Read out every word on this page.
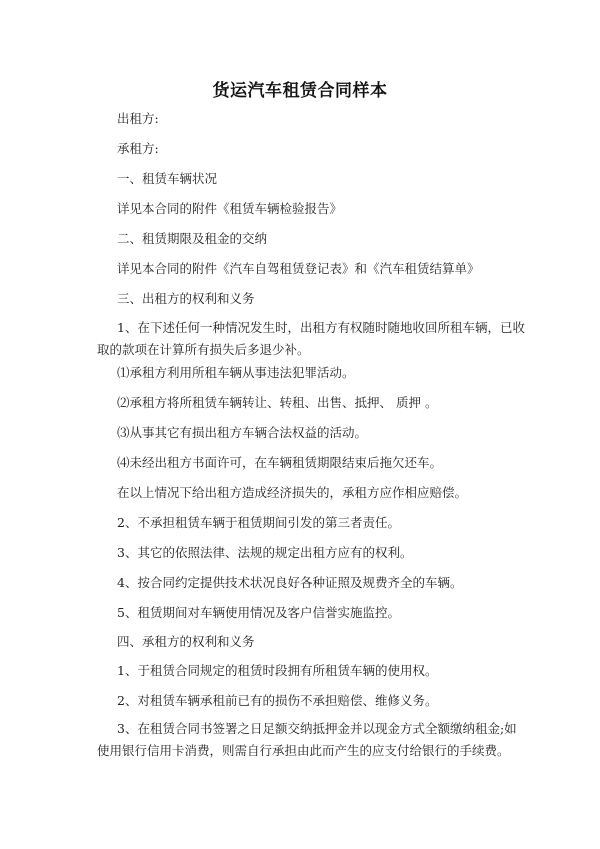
货运汽车租赁合同样本
出租方:
承租方:
一、租赁车辆状况
详见本合同的附件《租赁车辆检验报告》
二、租赁期限及租金的交纳
详见本合同的附件《汽车自驾租赁登记表》和《汽车租赁结算单》
三、出租方的权利和义务
1、在下述任何一种情况发生时，出租方有权随时随地收回所租车辆，已收
取的款项在计算所有损失后多退少补。
⑴承租方利用所租车辆从事违法犯罪活动。
⑵承租方将所租赁车辆转让、转租、出售、抵押、 质押 。
⑶从事其它有损出租方车辆合法权益的活动。
⑷未经出租方书面许可，在车辆租赁期限结束后拖欠还车。
在以上情况下给出租方造成经济损失的，承租方应作相应赔偿。
2、不承担租赁车辆于租赁期间引发的第三者责任。
3、其它的依照法律、法规的规定出租方应有的权利。
4、按合同约定提供技术状况良好各种证照及规费齐全的车辆。
5、租赁期间对车辆使用情况及客户信誉实施监控。
四、承租方的权利和义务
1、于租赁合同规定的租赁时段拥有所租赁车辆的使用权。
2、对租赁车辆承租前已有的损伤不承担赔偿、维修义务。
3、在租赁合同书签署之日足额交纳抵押金并以现金方式全额缴纳租金;如
使用银行信用卡消费，则需自行承担由此而产生的应支付给银行的手续费。
